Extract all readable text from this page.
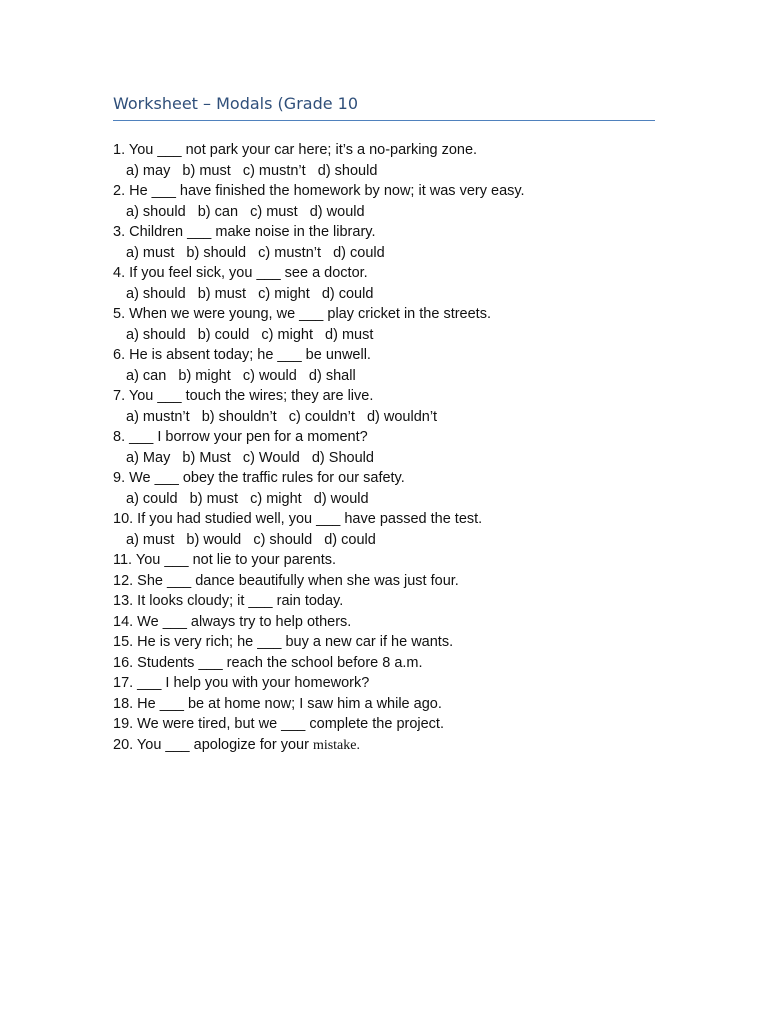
Worksheet – Modals (Grade 10

1. You ___ not park your car here; it’s a no-parking zone.

a) may   b) must   c) mustn’t   d) should

2. He ___ have finished the homework by now; it was very easy.

a) should   b) can   c) must   d) would

3. Children ___ make noise in the library.

a) must   b) should   c) mustn’t   d) could

4. If you feel sick, you ___ see a doctor.

a) should   b) must   c) might   d) could

5. When we were young, we ___ play cricket in the streets.

a) should   b) could   c) might   d) must

6. He is absent today; he ___ be unwell.

a) can   b) might   c) would   d) shall

7. You ___ touch the wires; they are live.

a) mustn’t   b) shouldn’t   c) couldn’t   d) wouldn’t

8. ___ I borrow your pen for a moment?

a) May   b) Must   c) Would   d) Should

9. We ___ obey the traffic rules for our safety.

a) could   b) must   c) might   d) would

10. If you had studied well, you ___ have passed the test.

a) must   b) would   c) should   d) could

11. You ___ not lie to your parents.

12. She ___ dance beautifully when she was just four.

13. It looks cloudy; it ___ rain today.

14. We ___ always try to help others.

15. He is very rich; he ___ buy a new car if he wants.

16. Students ___ reach the school before 8 a.m.

17. ___ I help you with your homework?

18. He ___ be at home now; I saw him a while ago.

19. We were tired, but we ___ complete the project.

20. You ___ apologize for your mistake.
